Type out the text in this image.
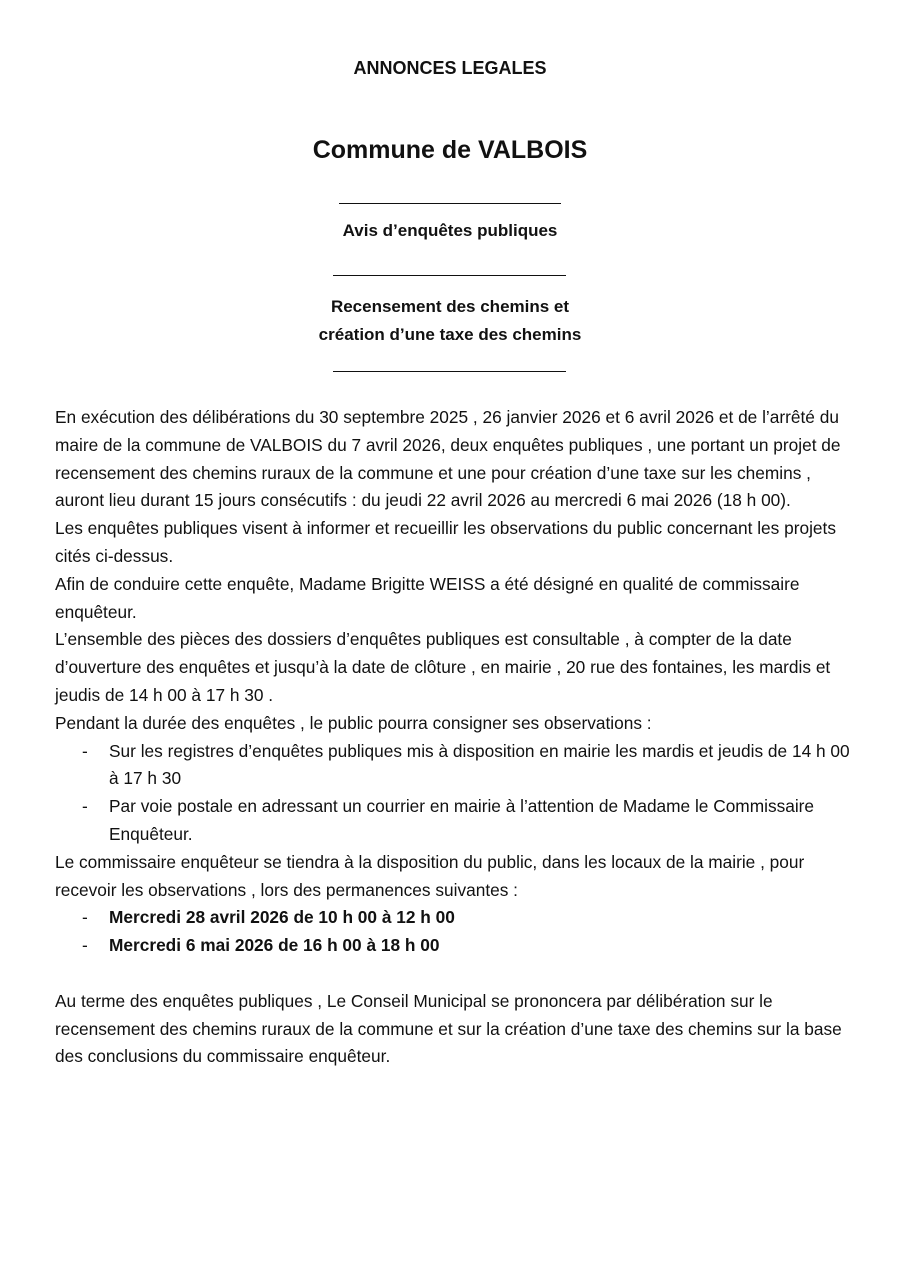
ANNONCES LEGALES
Commune de VALBOIS
Avis d’enquêtes publiques
Recensement des chemins et
création d’une taxe des chemins

En exécution des délibérations du 30 septembre 2025 , 26 janvier 2026 et 6 avril 2026 et de l’arrêté du maire de la commune de VALBOIS du 7 avril 2026, deux enquêtes publiques , une portant un projet de recensement des chemins ruraux de la commune et une pour création d’une taxe sur les chemins , auront lieu durant 15 jours consécutifs : du jeudi 22 avril 2026 au mercredi 6 mai 2026 (18 h 00).

Les enquêtes publiques visent à informer et recueillir les observations du public concernant les projets cités ci-dessus.

Afin de conduire cette enquête, Madame Brigitte WEISS a été désigné en qualité de commissaire enquêteur.

L’ensemble des pièces des dossiers d’enquêtes publiques est consultable , à compter de la date d’ouverture des enquêtes et jusqu’à la date de clôture , en mairie , 20 rue des fontaines, les mardis et jeudis de 14 h 00 à 17 h 30 .

Pendant la durée des enquêtes , le public pourra consigner ses observations :

- Sur les registres d’enquêtes publiques mis à disposition en mairie les mardis et jeudis de 14 h 00 à 17 h 30
- Par voie postale en adressant un courrier en mairie à l’attention de Madame le Commissaire Enquêteur.

Le commissaire enquêteur se tiendra à la disposition du public, dans les locaux de la mairie , pour recevoir les observations , lors des permanences suivantes :

- Mercredi 28 avril 2026 de 10 h 00 à 12 h 00
- Mercredi 6 mai 2026 de 16 h 00 à 18 h 00

Au terme des enquêtes publiques , Le Conseil Municipal se prononcera par délibération sur le recensement des chemins ruraux de la commune et sur la création d’une taxe des chemins sur la base des conclusions du commissaire enquêteur.
